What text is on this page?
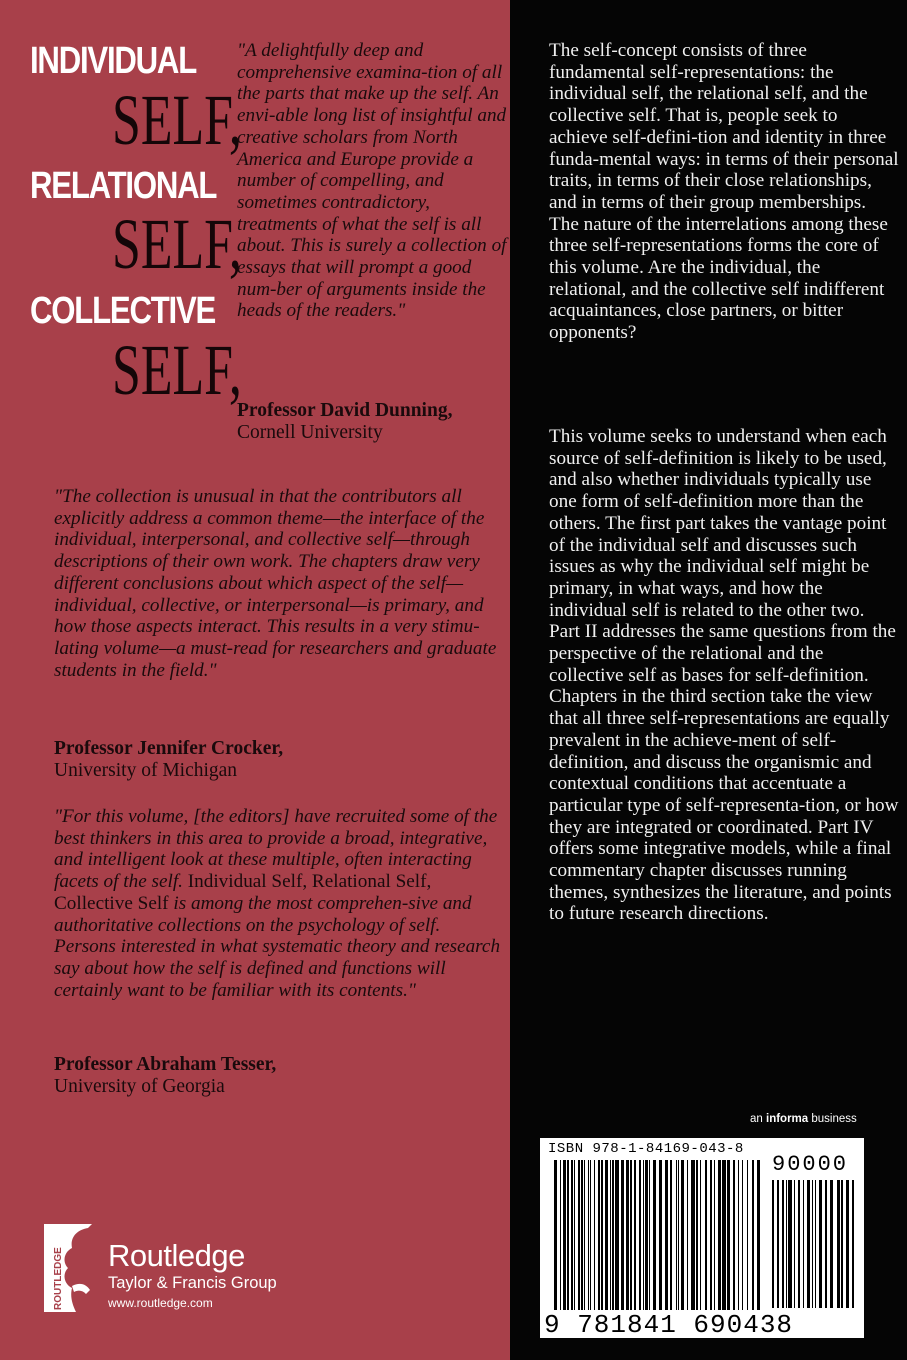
INDIVIDUAL
SELF,
RELATIONAL
SELF,
COLLECTIVE
SELF,

"A delightfully deep and comprehensive examina-tion of all the parts that make up the self. An envi-able long list of insightful and creative scholars from North America and Europe provide a number of compelling, and sometimes contradictory, treatments of what the self is all about. This is surely a collection of essays that will prompt a good num-ber of arguments inside the heads of the readers."

Professor David Dunning, Cornell University

"The collection is unusual in that the contributors all explicitly address a common theme—the interface of the individual, interpersonal, and collective self—through descriptions of their own work. The chapters draw very different conclusions about which aspect of the self—individual, collective, or interpersonal—is primary, and how those aspects interact. This results in a very stimu-lating volume—a must-read for researchers and graduate students in the field."

Professor Jennifer Crocker,

University of Michigan

"For this volume, [the editors] have recruited some of the best thinkers in this area to provide a broad, integrative, and intelligent look at these multiple, often interacting facets of the self. Individual Self, Relational Self, Collective Self is among the most comprehen-sive and authoritative collections on the psychology of self. Persons interested in what systematic theory and research say about how the self is defined and functions will certainly want to be familiar with its contents."

Professor Abraham Tesser,

University of Georgia

ROUTLEDGE Routledge
Taylor & Francis Group
www.routledge.com

The self-concept consists of three fundamental self-representations: the individual self, the relational self, and the collective self. That is, people seek to achieve self-defini-tion and identity in three funda-mental ways: in terms of their personal traits, in terms of their close relationships, and in terms of their group memberships. The nature of the interrelations among these three self-representations forms the core of this volume. Are the individual, the relational, and the collective self indifferent acquaintances, close partners, or bitter opponents?

This volume seeks to understand when each source of self-definition is likely to be used, and also whether individuals typically use one form of self-definition more than the others. The first part takes the vantage point of the individual self and discusses such issues as why the individual self might be primary, in what ways, and how the individual self is related to the other two. Part II addresses the same questions from the perspective of the relational and the collective self as bases for self-definition. Chapters in the third section take the view that all three self-representations are equally prevalent in the achieve-ment of self-definition, and discuss the organismic and contextual conditions that accentuate a particular type of self-representa-tion, or how they are integrated or coordinated. Part IV offers some integrative models, while a final commentary chapter discusses running themes, synthesizes the literature, and points to future research directions.

an informa business
ISBN 978-1-84169-043-8
90000
9 781841 690438
